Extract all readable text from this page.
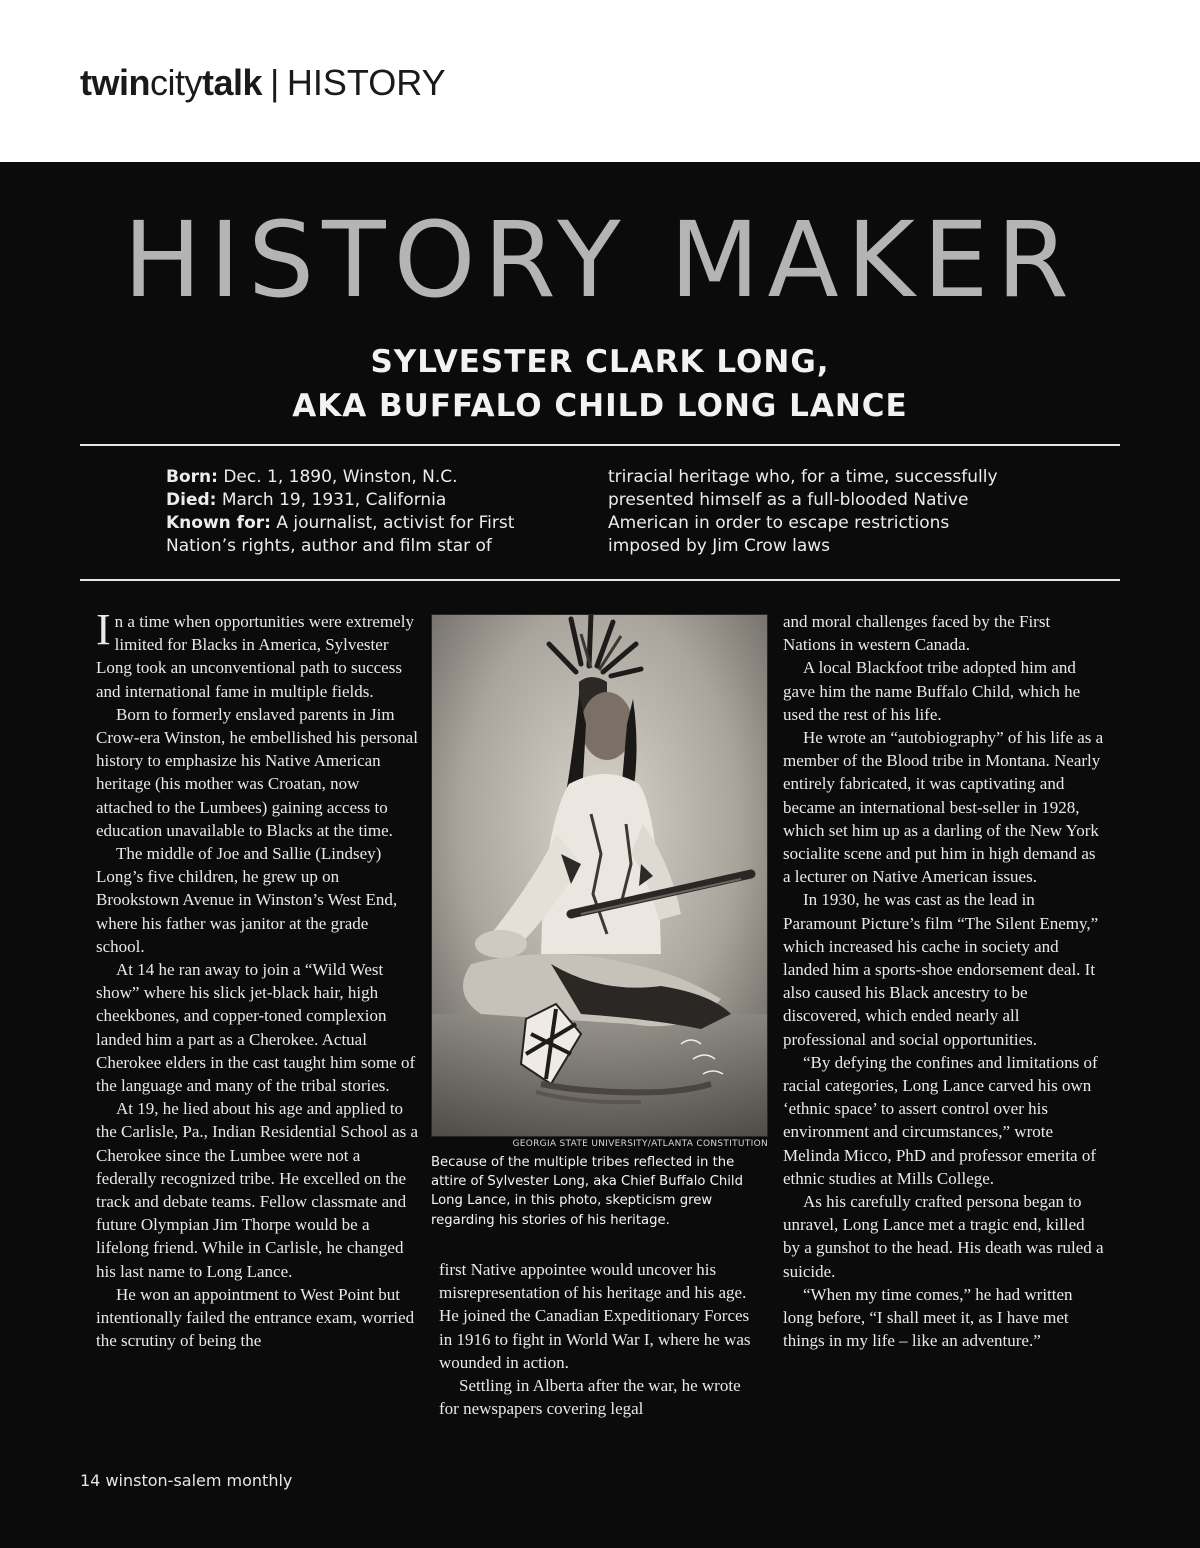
twincitytalk | HISTORY
HISTORY MAKER
SYLVESTER CLARK LONG,
AKA BUFFALO CHILD LONG LANCE
Born: Dec. 1, 1890, Winston, N.C.
Died: March 19, 1931, California
Known for: A journalist, activist for First
Nation’s rights, author and film star of
triracial heritage who, for a time, successfully
presented himself as a full-blooded Native
American in order to escape restrictions
imposed by Jim Crow laws

In a time when opportunities were extremely limited for Blacks in America, Sylvester Long took an unconventional path to success and international fame in multiple fields.

Born to formerly enslaved parents in Jim Crow-era Winston, he embellished his personal history to emphasize his Native American heritage (his mother was Croatan, now attached to the Lumbees) gaining access to education unavailable to Blacks at the time.

The middle of Joe and Sallie (Lindsey) Long’s five children, he grew up on Brookstown Avenue in Winston’s West End, where his father was janitor at the grade school.

At 14 he ran away to join a “Wild West show” where his slick jet-black hair, high cheekbones, and copper-toned complexion landed him a part as a Cherokee. Actual Cherokee elders in the cast taught him some of the language and many of the tribal stories.

At 19, he lied about his age and applied to the Carlisle, Pa., Indian Residential School as a Cherokee since the Lumbee were not a federally recognized tribe. He excelled on the track and debate teams. Fellow classmate and future Olympian Jim Thorpe would be a lifelong friend. While in Carlisle, he changed his last name to Long Lance.

He won an appointment to West Point but intentionally failed the entrance exam, worried the scrutiny of being the

GEORGIA STATE UNIVERSITY/ATLANTA CONSTITUTION
Because of the multiple tribes reflected in the attire of Sylvester Long, aka Chief Buffalo Child Long Lance, in this photo, skepticism grew regarding his stories of his heritage.

first Native appointee would uncover his misrepresentation of his heritage and his age. He joined the Canadian Expeditionary Forces in 1916 to fight in World War I, where he was wounded in action.

Settling in Alberta after the war, he wrote for newspapers covering legal

and moral challenges faced by the First Nations in western Canada.

A local Blackfoot tribe adopted him and gave him the name Buffalo Child, which he used the rest of his life.

He wrote an “autobiography” of his life as a member of the Blood tribe in Montana. Nearly entirely fabricated, it was captivating and became an international best-seller in 1928, which set him up as a darling of the New York socialite scene and put him in high demand as a lecturer on Native American issues.

In 1930, he was cast as the lead in Paramount Picture’s film “The Silent Enemy,” which increased his cache in society and landed him a sports-shoe endorsement deal. It also caused his Black ancestry to be discovered, which ended nearly all professional and social opportunities.

“By defying the confines and limitations of racial categories, Long Lance carved his own ‘ethnic space’ to assert control over his environment and circumstances,” wrote Melinda Micco, PhD and professor emerita of ethnic studies at Mills College.

As his carefully crafted persona began to unravel, Long Lance met a tragic end, killed by a gunshot to the head. His death was ruled a suicide.

“When my time comes,” he had written long before, “I shall meet it, as I have met things in my life – like an adventure.”

14 winston-salem monthly
